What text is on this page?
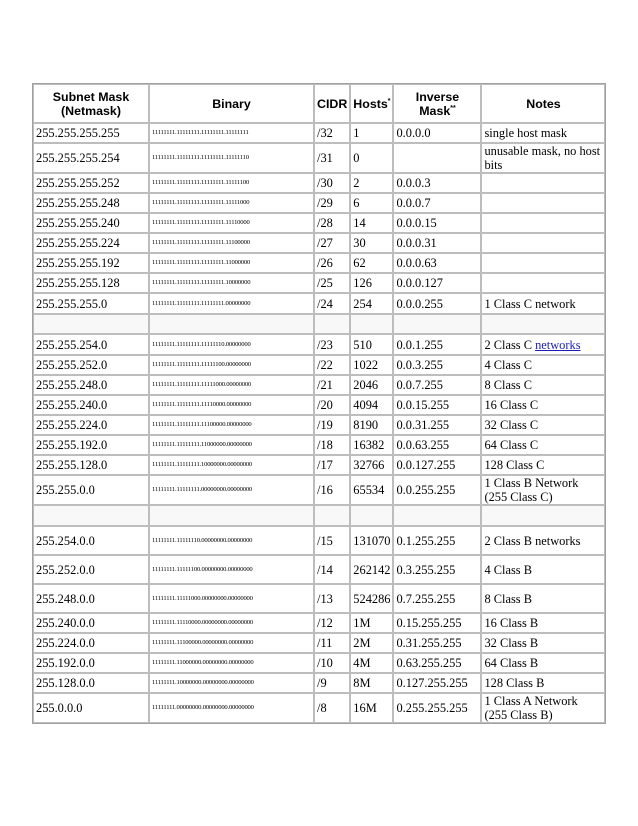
Subnet Mask (Netmask)	Binary	CIDR	Hosts*	Inverse Mask**	Notes
255.255.255.255	11111111.11111111.11111111.11111111	/32	1	0.0.0.0	single host mask
255.255.255.254	11111111.11111111.11111111.11111110	/31	0		unusable mask, no host bits
255.255.255.252	11111111.11111111.11111111.11111100	/30	2	0.0.0.3	
255.255.255.248	11111111.11111111.11111111.11111000	/29	6	0.0.0.7	
255.255.255.240	11111111.11111111.11111111.11110000	/28	14	0.0.0.15	
255.255.255.224	11111111.11111111.11111111.11100000	/27	30	0.0.0.31	
255.255.255.192	11111111.11111111.11111111.11000000	/26	62	0.0.0.63	
255.255.255.128	11111111.11111111.11111111.10000000	/25	126	0.0.0.127	
255.255.255.0	11111111.11111111.11111111.00000000	/24	254	0.0.0.255	1 Class C network

255.255.254.0	11111111.11111111.11111110.00000000	/23	510	0.0.1.255	2 Class C networks
255.255.252.0	11111111.11111111.11111100.00000000	/22	1022	0.0.3.255	4 Class C
255.255.248.0	11111111.11111111.11111000.00000000	/21	2046	0.0.7.255	8 Class C
255.255.240.0	11111111.11111111.11110000.00000000	/20	4094	0.0.15.255	16 Class C
255.255.224.0	11111111.11111111.11100000.00000000	/19	8190	0.0.31.255	32 Class C
255.255.192.0	11111111.11111111.11000000.00000000	/18	16382	0.0.63.255	64 Class C
255.255.128.0	11111111.11111111.10000000.00000000	/17	32766	0.0.127.255	128 Class C
255.255.0.0	11111111.11111111.00000000.00000000	/16	65534	0.0.255.255	1 Class B Network (255 Class C)

255.254.0.0	11111111.11111110.00000000.00000000	/15	131070	0.1.255.255	2 Class B networks
255.252.0.0	11111111.11111100.00000000.00000000	/14	262142	0.3.255.255	4 Class B
255.248.0.0	11111111.11111000.00000000.00000000	/13	524286	0.7.255.255	8 Class B
255.240.0.0	11111111.11110000.00000000.00000000	/12	1M	0.15.255.255	16 Class B
255.224.0.0	11111111.11100000.00000000.00000000	/11	2M	0.31.255.255	32 Class B
255.192.0.0	11111111.11000000.00000000.00000000	/10	4M	0.63.255.255	64 Class B
255.128.0.0	11111111.10000000.00000000.00000000	/9	8M	0.127.255.255	128 Class B
255.0.0.0	11111111.00000000.00000000.00000000	/8	16M	0.255.255.255	1 Class A Network (255 Class B)
